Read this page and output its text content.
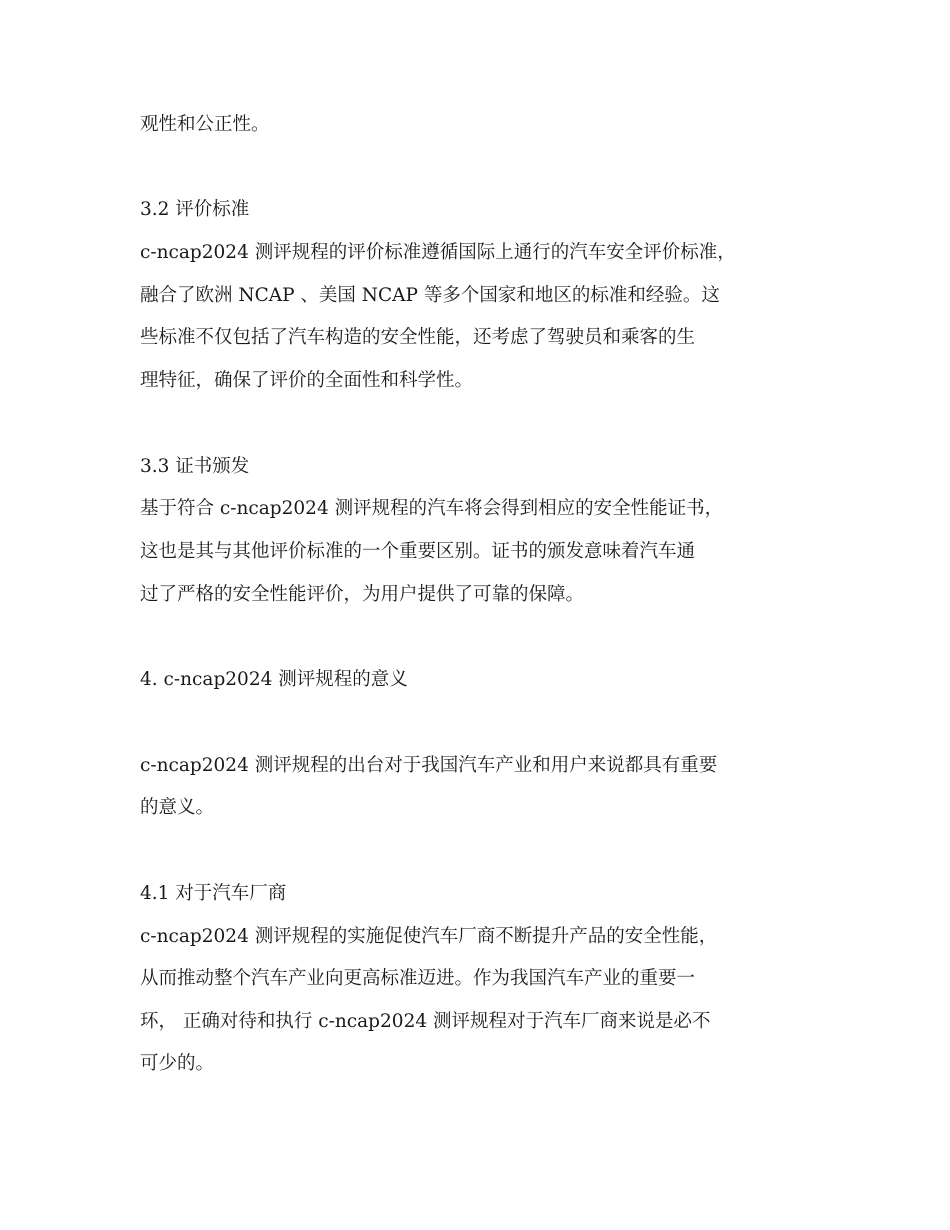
观性和公正性。
3.2 评价标准
c-ncap2024 测评规程的评价标准遵循国际上通行的汽车安全评价标准，
融合了欧洲 NCAP 、美国 NCAP 等多个国家和地区的标准和经验。这
些标准不仅包括了汽车构造的安全性能，还考虑了驾驶员和乘客的生
理特征，确保了评价的全面性和科学性。
3.3 证书颁发
基于符合 c-ncap2024 测评规程的汽车将会得到相应的安全性能证书，
这也是其与其他评价标准的一个重要区别。证书的颁发意味着汽车通
过了严格的安全性能评价，为用户提供了可靠的保障。
4. c-ncap2024 测评规程的意义
c-ncap2024 测评规程的出台对于我国汽车产业和用户来说都具有重要
的意义。
4.1 对于汽车厂商
c-ncap2024 测评规程的实施促使汽车厂商不断提升产品的安全性能，
从而推动整个汽车产业向更高标准迈进。作为我国汽车产业的重要一
环， 正确对待和执行 c-ncap2024 测评规程对于汽车厂商来说是必不
可少的。
